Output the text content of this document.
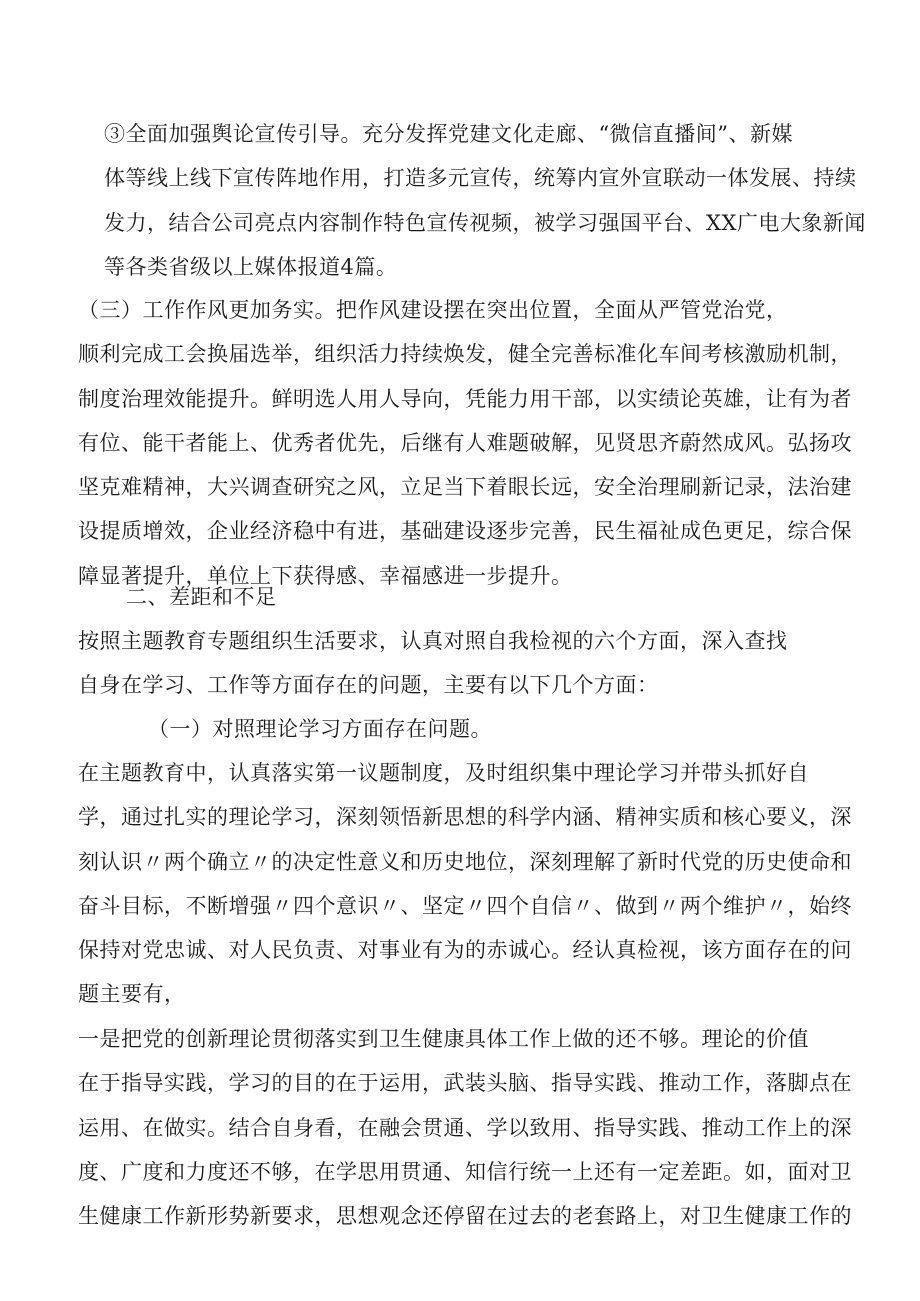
③全面加强舆论宣传引导。充分发挥党建文化走廊、“微信直播间”、新媒
体等线上线下宣传阵地作用，打造多元宣传，统筹内宣外宣联动一体发展、持续
发力，结合公司亮点内容制作特色宣传视频，被学习强国平台、XX广电大象新闻
等各类省级以上媒体报道4篇。
（三）工作作风更加务实。把作风建设摆在突出位置，全面从严管党治党，
顺利完成工会换届选举，组织活力持续焕发，健全完善标准化车间考核激励机制，
制度治理效能提升。鲜明选人用人导向，凭能力用干部，以实绩论英雄，让有为者
有位、能干者能上、优秀者优先，后继有人难题破解，见贤思齐蔚然成风。弘扬攻
坚克难精神，大兴调查研究之风，立足当下着眼长远，安全治理刷新记录，法治建
设提质增效，企业经济稳中有进，基础建设逐步完善，民生福祉成色更足，综合保
障显著提升，单位上下获得感、幸福感进一步提升。
二、差距和不足
按照主题教育专题组织生活要求，认真对照自我检视的六个方面，深入查找
自身在学习、工作等方面存在的问题，主要有以下几个方面：
（一）对照理论学习方面存在问题。
在主题教育中，认真落实第一议题制度，及时组织集中理论学习并带头抓好自
学，通过扎实的理论学习，深刻领悟新思想的科学内涵、精神实质和核心要义，深
刻认识〃两个确立〃的决定性意义和历史地位，深刻理解了新时代党的历史使命和
奋斗目标，不断增强〃四个意识〃、坚定〃四个自信〃、做到〃两个维护〃，始终
保持对党忠诚、对人民负责、对事业有为的赤诚心。经认真检视，该方面存在的问
题主要有，
一是把党的创新理论贯彻落实到卫生健康具体工作上做的还不够。理论的价值
在于指导实践，学习的目的在于运用，武装头脑、指导实践、推动工作，落脚点在
运用、在做实。结合自身看，在融会贯通、学以致用、指导实践、推动工作上的深
度、广度和力度还不够，在学思用贯通、知信行统一上还有一定差距。如，面对卫
生健康工作新形势新要求，思想观念还停留在过去的老套路上，对卫生健康工作的
